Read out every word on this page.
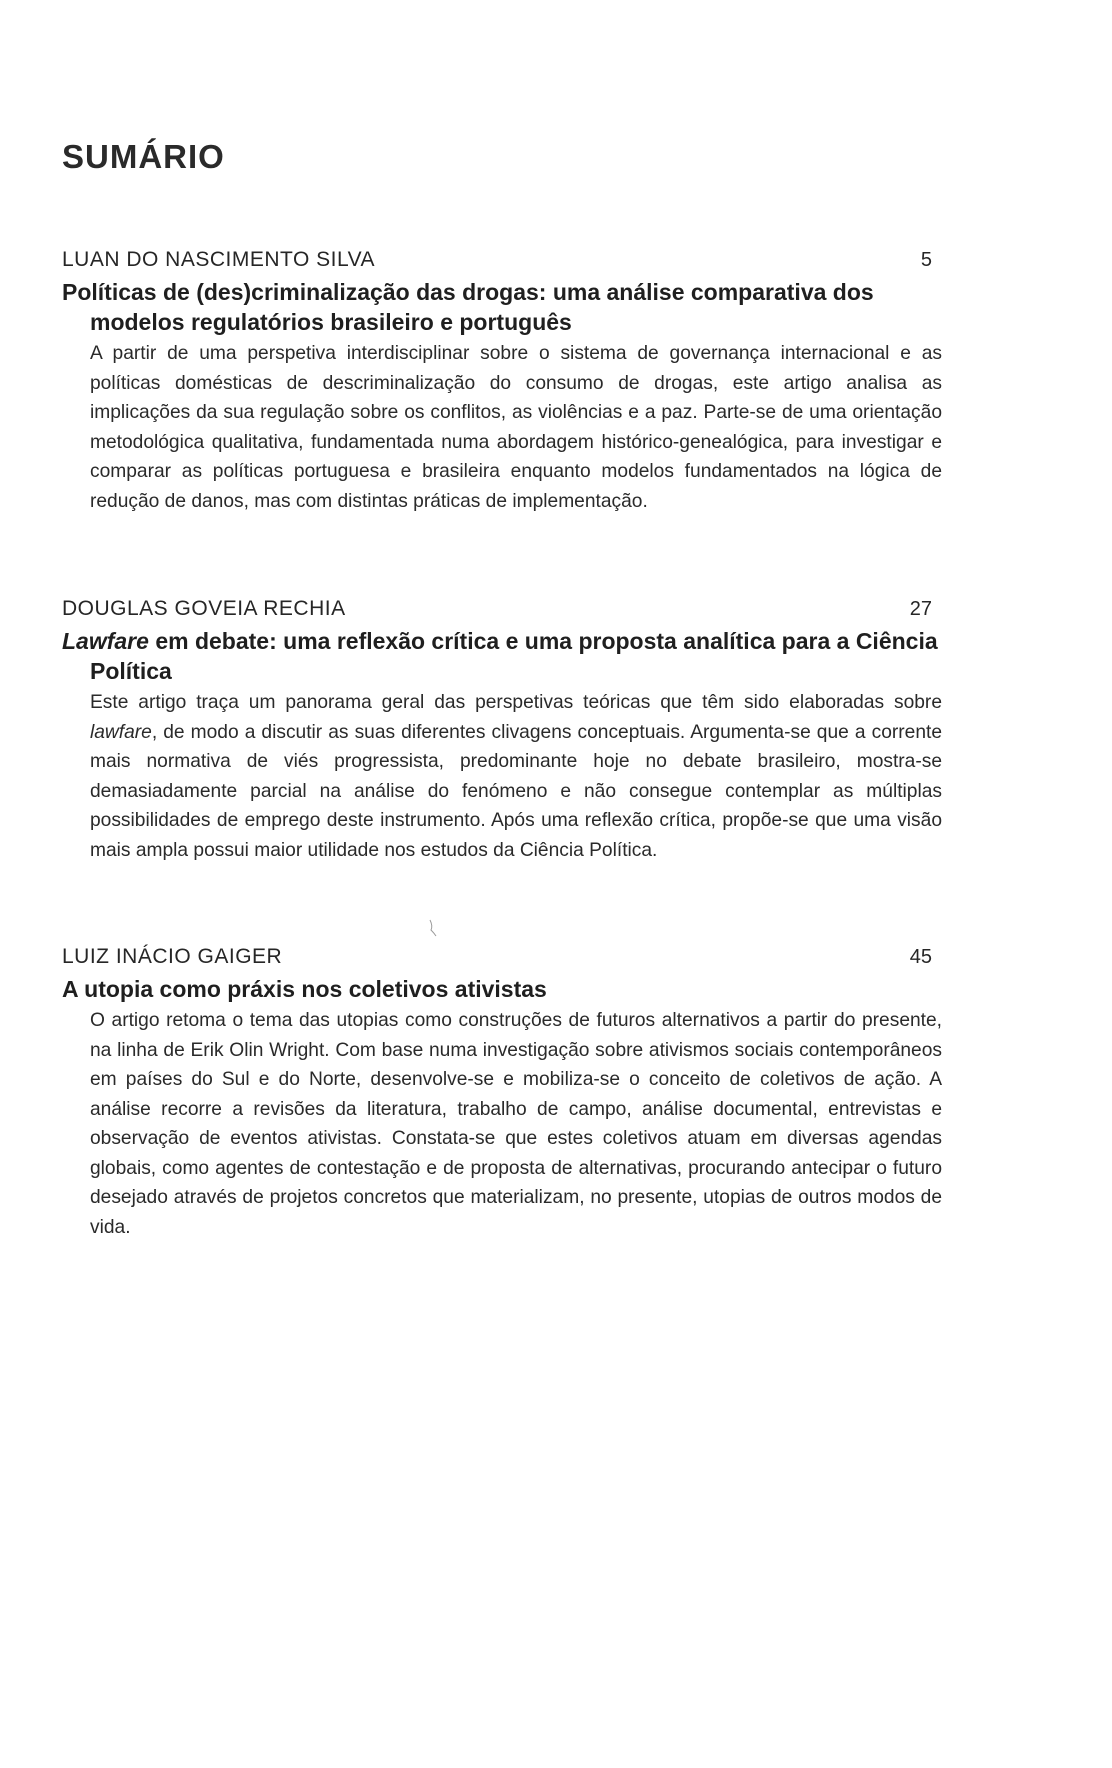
SUMÁRIO
LUAN DO NASCIMENTO SILVA	5
Políticas de (des)criminalização das drogas: uma análise comparativa dos modelos regulatórios brasileiro e português
A partir de uma perspetiva interdisciplinar sobre o sistema de governança internacional e as políticas domésticas de descriminalização do consumo de drogas, este artigo analisa as implicações da sua regulação sobre os conflitos, as violências e a paz. Parte-se de uma orientação metodológica qualitativa, fundamentada numa abordagem histórico-genealógica, para investigar e comparar as políticas portuguesa e brasileira enquanto modelos fundamentados na lógica de redução de danos, mas com distintas práticas de implementação.
DOUGLAS GOVEIA RECHIA	27
Lawfare em debate: uma reflexão crítica e uma proposta analítica para a Ciência Política
Este artigo traça um panorama geral das perspetivas teóricas que têm sido elaboradas sobre lawfare, de modo a discutir as suas diferentes clivagens conceptuais. Argumenta-se que a corrente mais normativa de viés progressista, predominante hoje no debate brasileiro, mostra-se demasiadamente parcial na análise do fenómeno e não consegue contemplar as múltiplas possibilidades de emprego deste instrumento. Após uma reflexão crítica, propõe-se que uma visão mais ampla possui maior utilidade nos estudos da Ciência Política.
LUIZ INÁCIO GAIGER	45
A utopia como práxis nos coletivos ativistas
O artigo retoma o tema das utopias como construções de futuros alternativos a partir do presente, na linha de Erik Olin Wright. Com base numa investigação sobre ativismos sociais contemporâneos em países do Sul e do Norte, desenvolve-se e mobiliza-se o conceito de coletivos de ação. A análise recorre a revisões da literatura, trabalho de campo, análise documental, entrevistas e observação de eventos ativistas. Constata-se que estes coletivos atuam em diversas agendas globais, como agentes de contestação e de proposta de alternativas, procurando antecipar o futuro desejado através de projetos concretos que materializam, no presente, utopias de outros modos de vida.
